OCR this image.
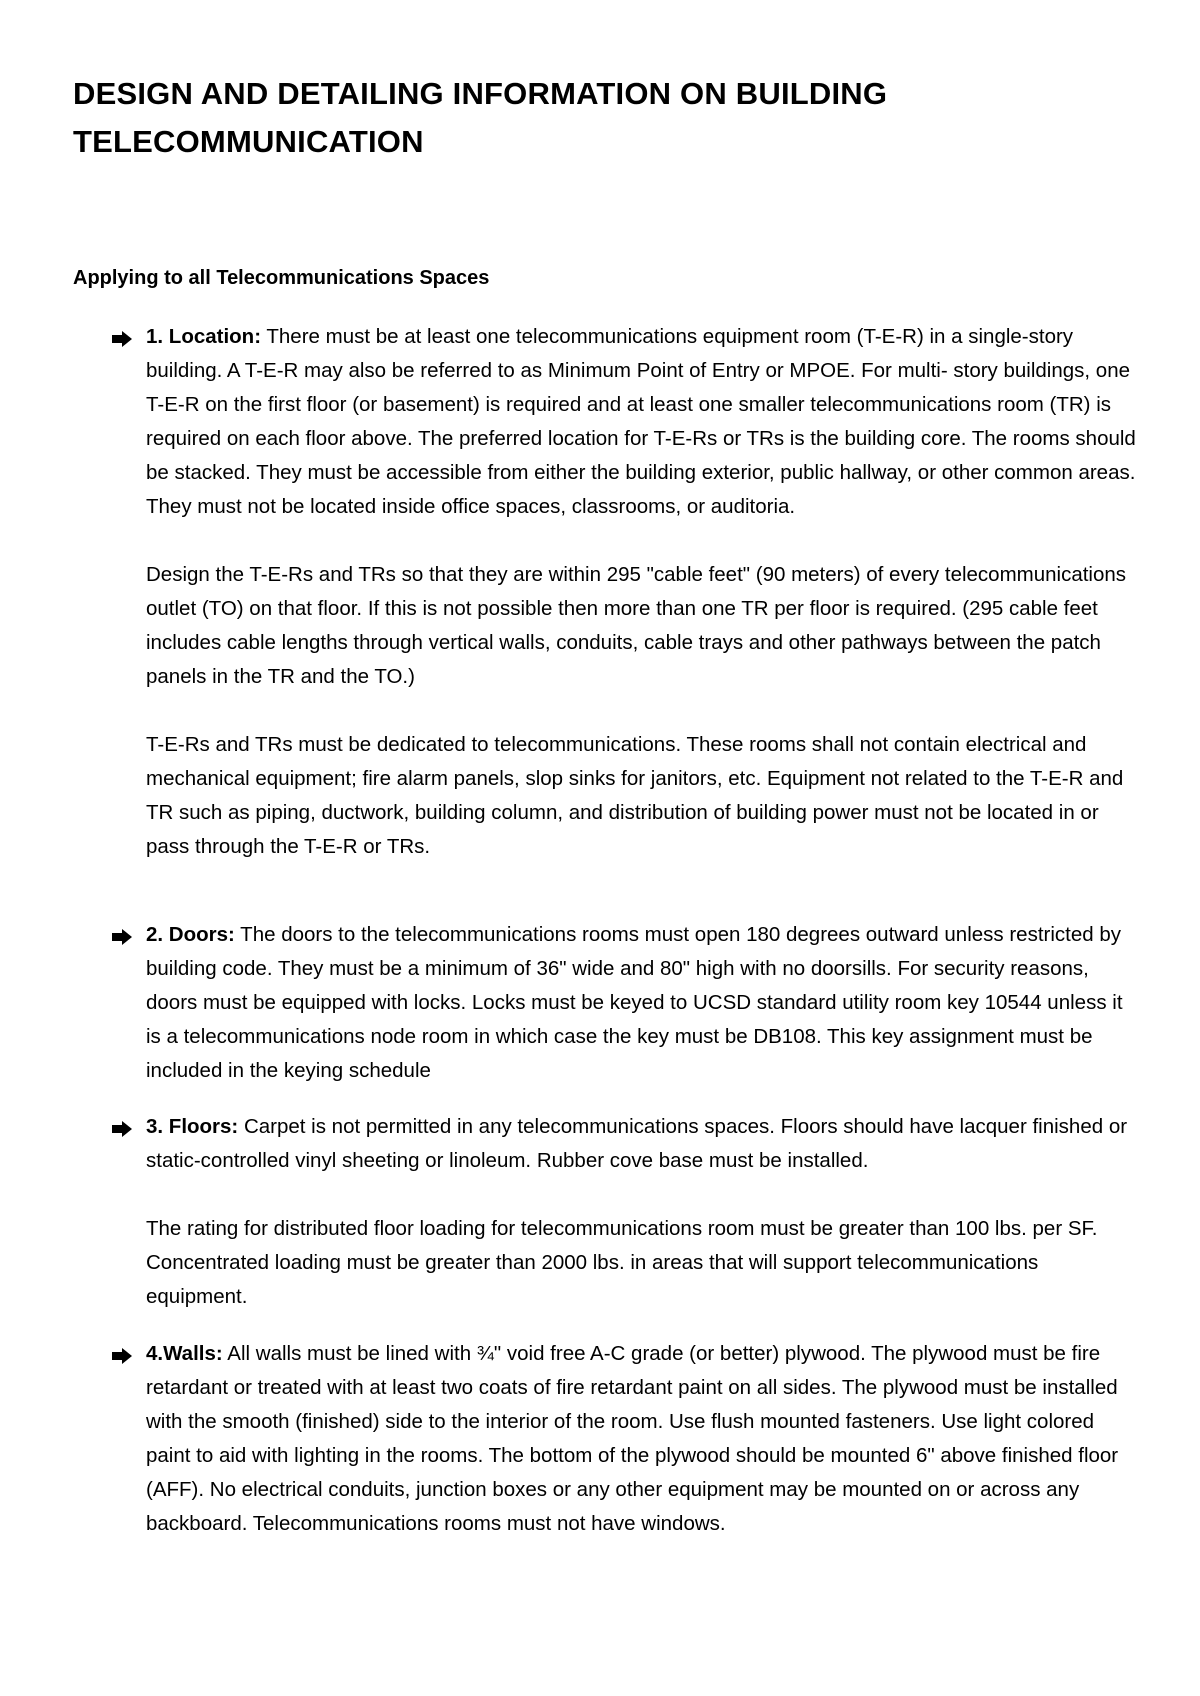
DESIGN AND DETAILING INFORMATION ON BUILDING TELECOMMUNICATION
Applying to all Telecommunications Spaces

1. Location: There must be at least one telecommunications equipment room (T-E-R) in a single-story building. A T-E-R may also be referred to as Minimum Point of Entry or MPOE. For multi- story buildings, one T-E-R on the first floor (or basement) is required and at least one smaller telecommunications room (TR) is required on each floor above. The preferred location for T-E-Rs or TRs is the building core. The rooms should be stacked. They must be accessible from either the building exterior, public hallway, or other common areas. They must not be located inside office spaces, classrooms, or auditoria.

Design the T-E-Rs and TRs so that they are within 295 "cable feet" (90 meters) of every telecommunications outlet (TO) on that floor. If this is not possible then more than one TR per floor is required. (295 cable feet includes cable lengths through vertical walls, conduits, cable trays and other pathways between the patch panels in the TR and the TO.)

T-E-Rs and TRs must be dedicated to telecommunications. These rooms shall not contain electrical and mechanical equipment; fire alarm panels, slop sinks for janitors, etc. Equipment not related to the T-E-R and TR such as piping, ductwork, building column, and distribution of building power must not be located in or pass through the T-E-R or TRs.

2. Doors: The doors to the telecommunications rooms must open 180 degrees outward unless restricted by building code. They must be a minimum of 36" wide and 80" high with no doorsills. For security reasons, doors must be equipped with locks. Locks must be keyed to UCSD standard utility room key 10544 unless it is a telecommunications node room in which case the key must be DB108. This key assignment must be included in the keying schedule

3. Floors: Carpet is not permitted in any telecommunications spaces. Floors should have lacquer finished or static-controlled vinyl sheeting or linoleum. Rubber cove base must be installed.

The rating for distributed floor loading for telecommunications room must be greater than 100 lbs. per SF. Concentrated loading must be greater than 2000 lbs. in areas that will support telecommunications equipment.

4.Walls: All walls must be lined with ¾" void free A-C grade (or better) plywood. The plywood must be fire retardant or treated with at least two coats of fire retardant paint on all sides. The plywood must be installed with the smooth (finished) side to the interior of the room. Use flush mounted fasteners. Use light colored paint to aid with lighting in the rooms. The bottom of the plywood should be mounted 6" above finished floor (AFF). No electrical conduits, junction boxes or any other equipment may be mounted on or across any backboard. Telecommunications rooms must not have windows.
